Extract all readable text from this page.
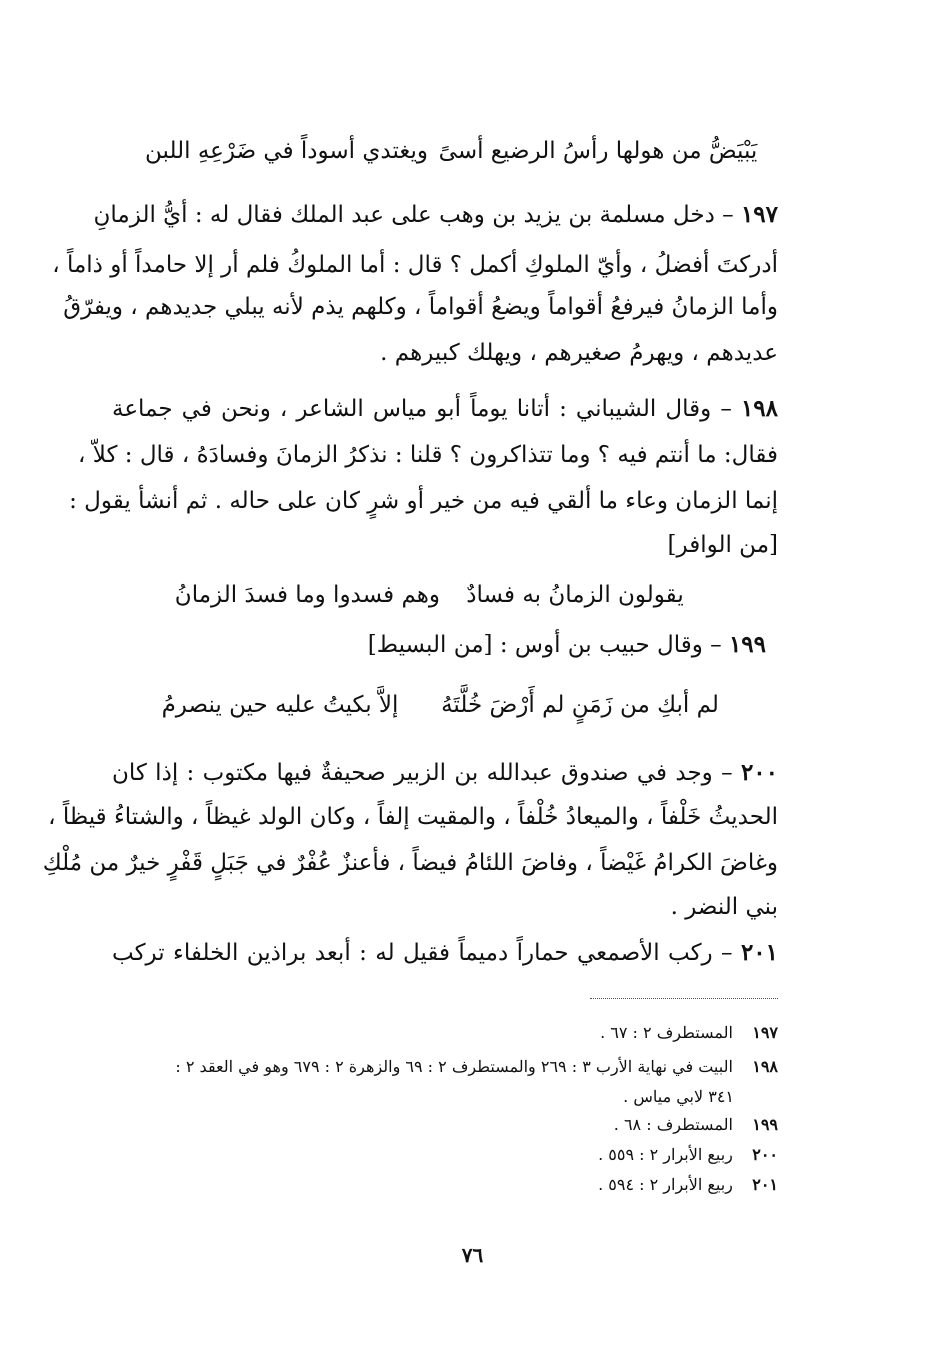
يَبْيَضُّ من هولها رأسُ الرضيع أسىًويغتدي أسوداً في ضَرْعِهِ اللبن
١٩٧ – دخل مسلمة بن يزيد بن وهب على عبد الملك فقال له : أيُّ الزمانِ
أدركتَ أفضلُ ، وأيّ الملوكِ أكمل ؟ قال : أما الملوكُ فلم أر إلا حامداً أو ذاماً ،
وأما الزمانُ فيرفعُ أقواماً ويضعُ أقواماً ، وكلهم يذم لأنه يبلي جديدهم ، ويفرّقُ
عديدهم ، ويهرمُ صغيرهم ، ويهلك كبيرهم .
١٩٨ – وقال الشيباني : أتانا يوماً أبو مياس الشاعر ، ونحن في جماعة
فقال: ما أنتم فيه ؟ وما تتذاكرون ؟ قلنا : نذكرُ الزمانَ وفسادَهُ ، قال : كلاّ ،
إنما الزمان وعاء ما ألقي فيه من خير أو شرٍ كان على حاله . ثم أنشأ يقول :
[من الوافر]
يقولون الزمانُ به فسادٌوهم فسدوا وما فسدَ الزمانُ
١٩٩ – وقال حبيب بن أوس : [من البسيط]
لم أبكِ من زَمَنٍ لم أَرْضَ خُلَّتَهُإلاَّ بكيتُ عليه حين ينصرمُ
٢٠٠ – وجد في صندوق عبدالله بن الزبير صحيفةٌ فيها مكتوب : إذا كان
الحديثُ خَلْفاً ، والميعادُ خُلْفاً ، والمقيت إلفاً ، وكان الولد غيظاً ، والشتاءُ قيظاً ،
وغاضَ الكرامُ غَيْضاً ، وفاضَ اللئامُ فيضاً ، فأعنزٌ عُفْرٌ في جَبَلٍ قَفْرٍ خيرٌ من مُلْكِ
بني النضر .
٢٠١ – ركب الأصمعي حماراً دميماً فقيل له : أبعد براذين الخلفاء تركب
١٩٧ المستطرف ٢ : ٦٧ .
١٩٨ البيت في نهاية الأرب ٣ : ٢٦٩ والمستطرف ٢ : ٦٩ والزهرة ٢ : ٦٧٩ وهو في العقد ٢ :
٣٤١ لابي مياس .
١٩٩ المستطرف : ٦٨ .
٢٠٠ ربيع الأبرار ٢ : ٥٥٩ .
٢٠١ ربيع الأبرار ٢ : ٥٩٤ .
٧٦
